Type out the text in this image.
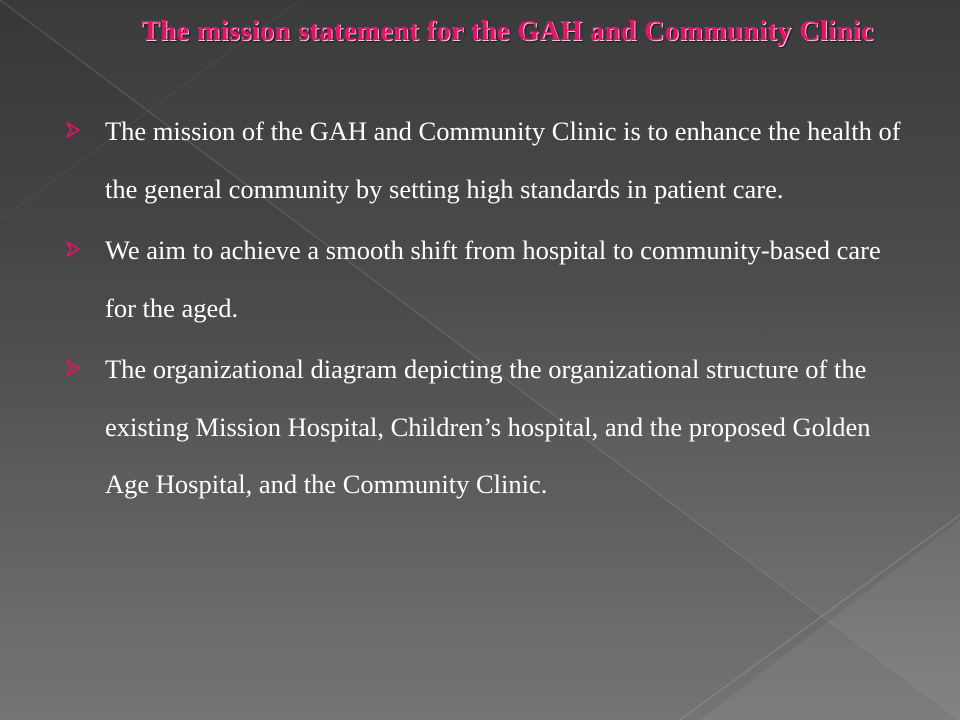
The mission statement for the GAH and Community Clinic
The mission of the GAH and Community Clinic is to enhance the health of the general community by setting high standards in patient care.
We aim to achieve a smooth shift from hospital to community-based care for the aged.
The organizational diagram depicting the organizational structure of the existing Mission Hospital, Children’s hospital, and the proposed Golden Age Hospital, and the Community Clinic.
